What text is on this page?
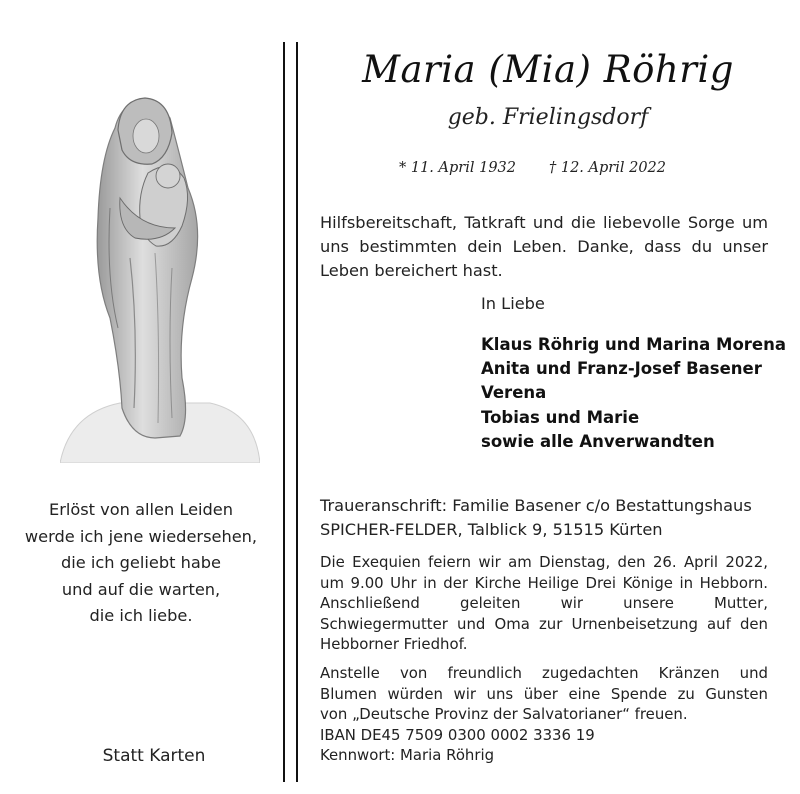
Erlöst von allen Leiden
werde ich jene wiedersehen,
die ich geliebt habe
und auf die warten,
die ich liebe.
Statt Karten
Maria (Mia) Röhrig
geb. Frielingsdorf
* 11. April 1932 † 12. April 2022
Hilfsbereitschaft, Tatkraft und die liebevolle Sorge um
uns bestimmten dein Leben. Danke, dass du unser
Leben bereichert hast.
In Liebe
Klaus Röhrig und Marina Morena
Anita und Franz-Josef Basener
Verena
Tobias und Marie
sowie alle Anverwandten
Traueranschrift: Familie Basener c/o Bestattungshaus
SPICHER-FELDER, Talblick 9, 51515 Kürten
Die Exequien feiern wir am Dienstag, den 26. April 2022,
um 9.00 Uhr in der Kirche Heilige Drei Könige in Hebborn.
Anschließend geleiten wir unsere Mutter,
Schwiegermutter und Oma zur Urnenbeisetzung auf den
Hebborner Friedhof.
Anstelle von freundlich zugedachten Kränzen und
Blumen würden wir uns über eine Spende zu Gunsten
von „Deutsche Provinz der Salvatorianer“ freuen.
IBAN DE45 7509 0300 0002 3336 19
Kennwort: Maria Röhrig
